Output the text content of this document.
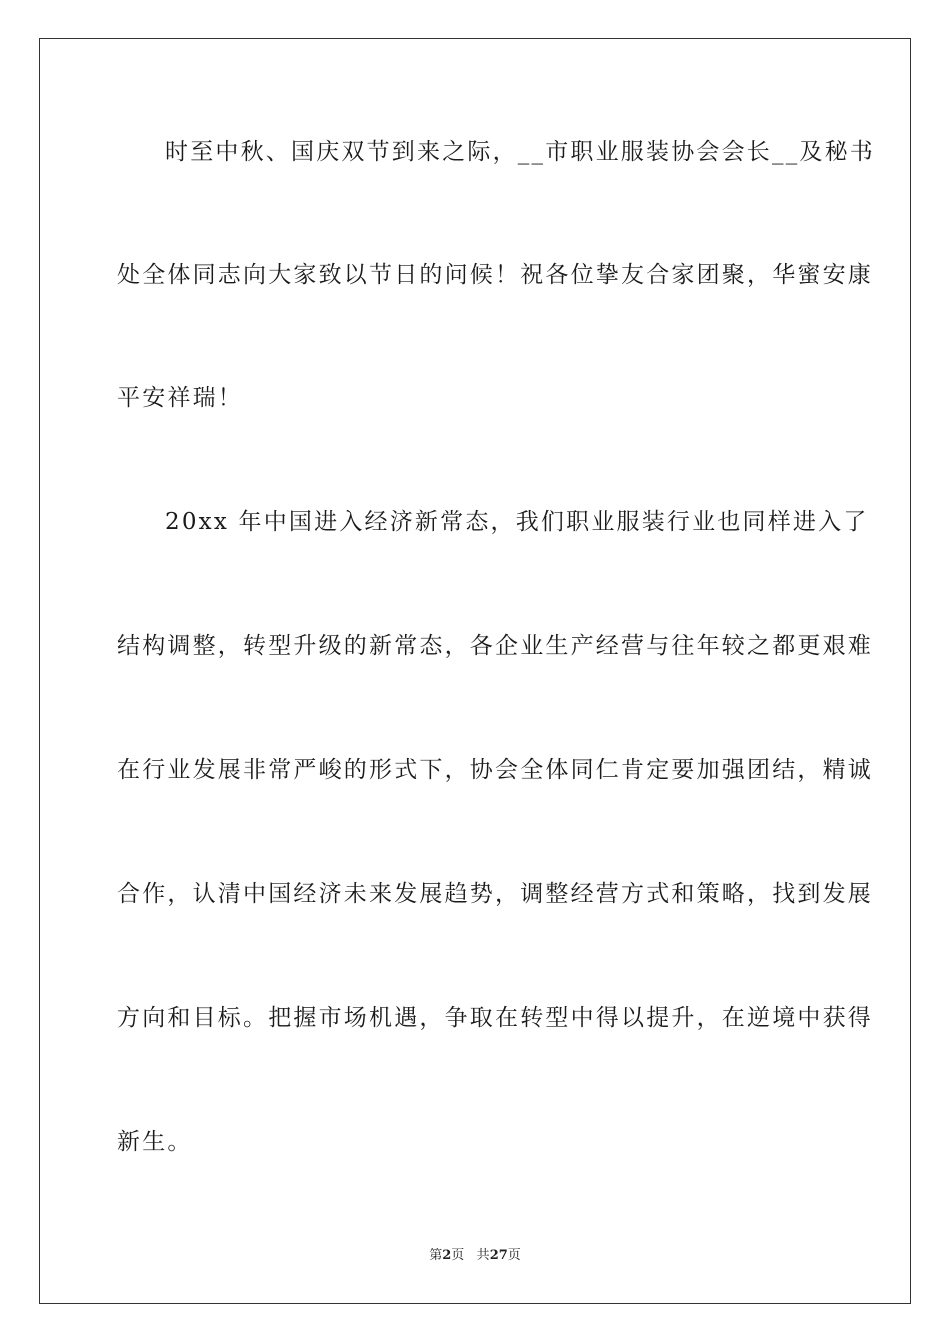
时至中秋、国庆双节到来之际，__市职业服装协会会长__及秘书
处全体同志向大家致以节日的问候！祝各位挚友合家团聚，华蜜安康
平安祥瑞！
20xx 年中国进入经济新常态，我们职业服装行业也同样进入了
结构调整，转型升级的新常态，各企业生产经营与往年较之都更艰难
在行业发展非常严峻的形式下，协会全体同仁肯定要加强团结，精诚
合作，认清中国经济未来发展趋势，调整经营方式和策略，找到发展
方向和目标。把握市场机遇，争取在转型中得以提升，在逆境中获得
新生。
第2页 共27页
